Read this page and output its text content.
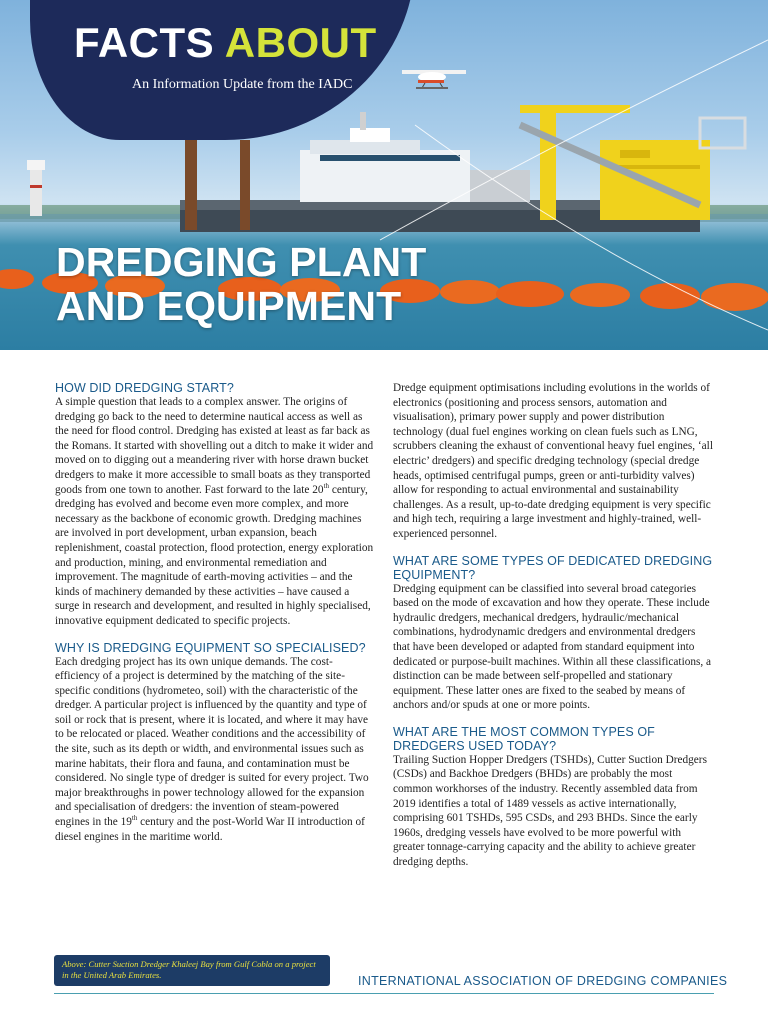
FACTS ABOUT
An Information Update from the IADC
DREDGING PLANT
AND EQUIPMENT
HOW DID DREDGING START?

A simple question that leads to a complex answer. The origins of dredging go back to the need to determine nautical access as well as the need for flood control. Dredging has existed at least as far back as the Romans. It started with shovelling out a ditch to make it wider and moved on to digging out a meandering river with horse drawn bucket dredgers to make it more accessible to small boats as they transported goods from one town to another. Fast forward to the late 20th century, dredging has evolved and become even more complex, and more necessary as the backbone of economic growth. Dredging machines are involved in port development, urban expansion, beach replenishment, coastal protection, flood protection, energy exploration and production, mining, and environmental remediation and improvement. The magnitude of earth-moving activities – and the kinds of machinery demanded by these activities – have caused a surge in research and development, and resulted in highly specialised, innovative equipment dedicated to specific projects.

WHY IS DREDGING EQUIPMENT SO SPECIALISED?

Each dredging project has its own unique demands. The cost-efficiency of a project is determined by the matching of the site-specific conditions (hydrometeo, soil) with the characteristic of the dredger. A particular project is influenced by the quantity and type of soil or rock that is present, where it is located, and where it may have to be relocated or placed. Weather conditions and the accessibility of the site, such as its depth or width, and environmental issues such as marine habitats, their flora and fauna, and contamination must be considered. No single type of dredger is suited for every project. Two major breakthroughs in power technology allowed for the expansion and specialisation of dredgers: the invention of steam-powered engines in the 19th century and the post-World War II introduction of diesel engines in the maritime world.

Dredge equipment optimisations including evolutions in the worlds of electronics (positioning and process sensors, automation and visualisation), primary power supply and power distribution technology (dual fuel engines working on clean fuels such as LNG, scrubbers cleaning the exhaust of conventional heavy fuel engines, ‘all electric’ dredgers) and specific dredging technology (special dredge heads, optimised centrifugal pumps, green or anti-turbidity valves) allow for responding to actual environmental and sustainability challenges. As a result, up-to-date dredging equipment is very specific and high tech, requiring a large investment and highly-trained, well-experienced personnel.

WHAT ARE SOME TYPES OF DEDICATED DREDGING EQUIPMENT?

Dredging equipment can be classified into several broad categories based on the mode of excavation and how they operate. These include hydraulic dredgers, mechanical dredgers, hydraulic/mechanical combinations, hydrodynamic dredgers and environmental dredgers that have been developed or adapted from standard equipment into dedicated or purpose-built machines. Within all these classifications, a distinction can be made between self-propelled and stationary equipment. These latter ones are fixed to the seabed by means of anchors and/or spuds at one or more points.

WHAT ARE THE MOST COMMON TYPES OF DREDGERS USED TODAY?

Trailing Suction Hopper Dredgers (TSHDs), Cutter Suction Dredgers (CSDs) and Backhoe Dredgers (BHDs) are probably the most common workhorses of the industry. Recently assembled data from 2019 identifies a total of 1489 vessels as active internationally, comprising 601 TSHDs, 595 CSDs, and 293 BHDs. Since the early 1960s, dredging vessels have evolved to be more powerful with greater tonnage-carrying capacity and the ability to achieve greater dredging depths.

Above: Cutter Suction Dredger Khaleej Bay from Gulf Cobla on a project in the United Arab Emirates.	INTERNATIONAL ASSOCIATION OF DREDGING COMPANIES
